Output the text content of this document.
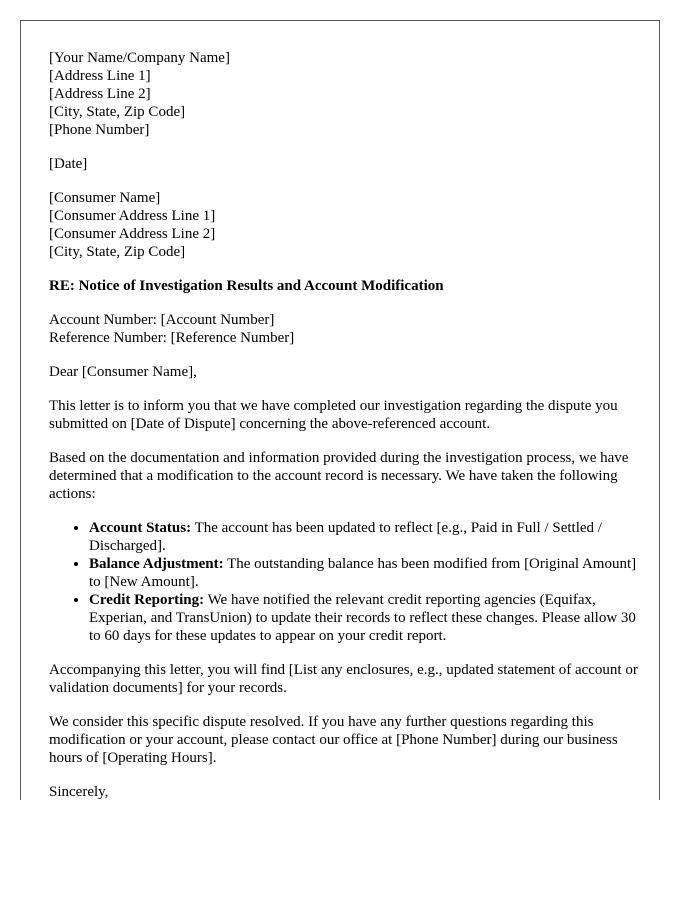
[Your Name/Company Name]
[Address Line 1]
[Address Line 2]
[City, State, Zip Code]
[Phone Number]
[Date]
[Consumer Name]
[Consumer Address Line 1]
[Consumer Address Line 2]
[City, State, Zip Code]
RE: Notice of Investigation Results and Account Modification
Account Number: [Account Number]
Reference Number: [Reference Number]

Dear [Consumer Name],

This letter is to inform you that we have completed our investigation regarding the dispute you submitted on [Date of Dispute] concerning the above-referenced account.

Based on the documentation and information provided during the investigation process, we have determined that a modification to the account record is necessary. We have taken the following actions:

• Account Status: The account has been updated to reflect [e.g., Paid in Full / Settled / Discharged].
• Balance Adjustment: The outstanding balance has been modified from [Original Amount] to [New Amount].
• Credit Reporting: We have notified the relevant credit reporting agencies (Equifax, Experian, and TransUnion) to update their records to reflect these changes. Please allow 30 to 60 days for these updates to appear on your credit report.

Accompanying this letter, you will find [List any enclosures, e.g., updated statement of account or validation documents] for your records.

We consider this specific dispute resolved. If you have any further questions regarding this modification or your account, please contact our office at [Phone Number] during our business hours of [Operating Hours].

Sincerely,
